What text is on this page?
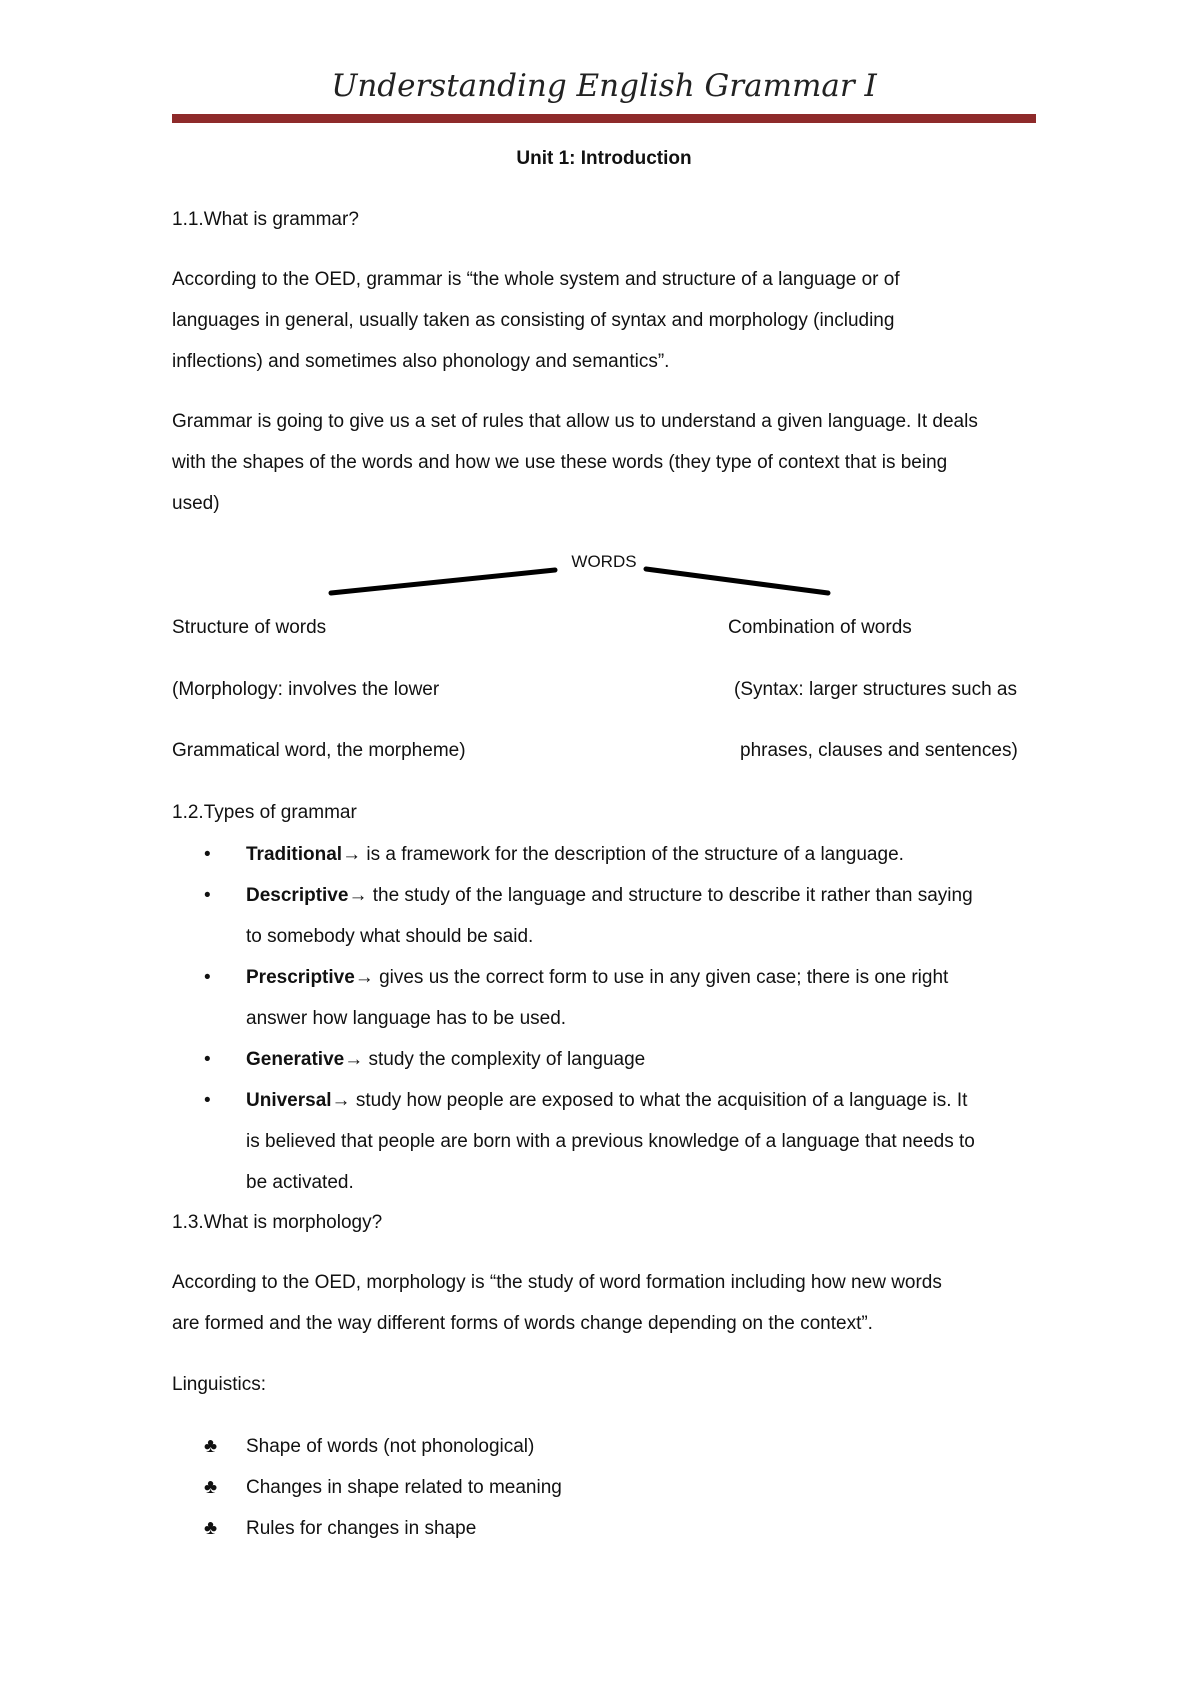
Understanding English Grammar I
Unit 1: Introduction
1.1.What is grammar?
According to the OED, grammar is “the whole system and structure of a language or of
languages in general, usually taken as consisting of syntax and morphology (including
inflections) and sometimes also phonology and semantics”.
Grammar is going to give us a set of rules that allow us to understand a given language. It deals
with the shapes of the words and how we use these words (they type of context that is being
used)
WORDS
Structure of words	Combination of words
(Morphology: involves the lower	(Syntax: larger structures such as
Grammatical word, the morpheme)	phrases, clauses and sentences)
1.2.Types of grammar
• Traditional→ is a framework for the description of the structure of a language.
• Descriptive→ the study of the language and structure to describe it rather than saying
to somebody what should be said.
• Prescriptive→ gives us the correct form to use in any given case; there is one right
answer how language has to be used.
• Generative→ study the complexity of language
• Universal→ study how people are exposed to what the acquisition of a language is. It
is believed that people are born with a previous knowledge of a language that needs to
be activated.
1.3.What is morphology?
According to the OED, morphology is “the study of word formation including how new words
are formed and the way different forms of words change depending on the context”.
Linguistics:
♣ Shape of words (not phonological)
♣ Changes in shape related to meaning
♣ Rules for changes in shape
